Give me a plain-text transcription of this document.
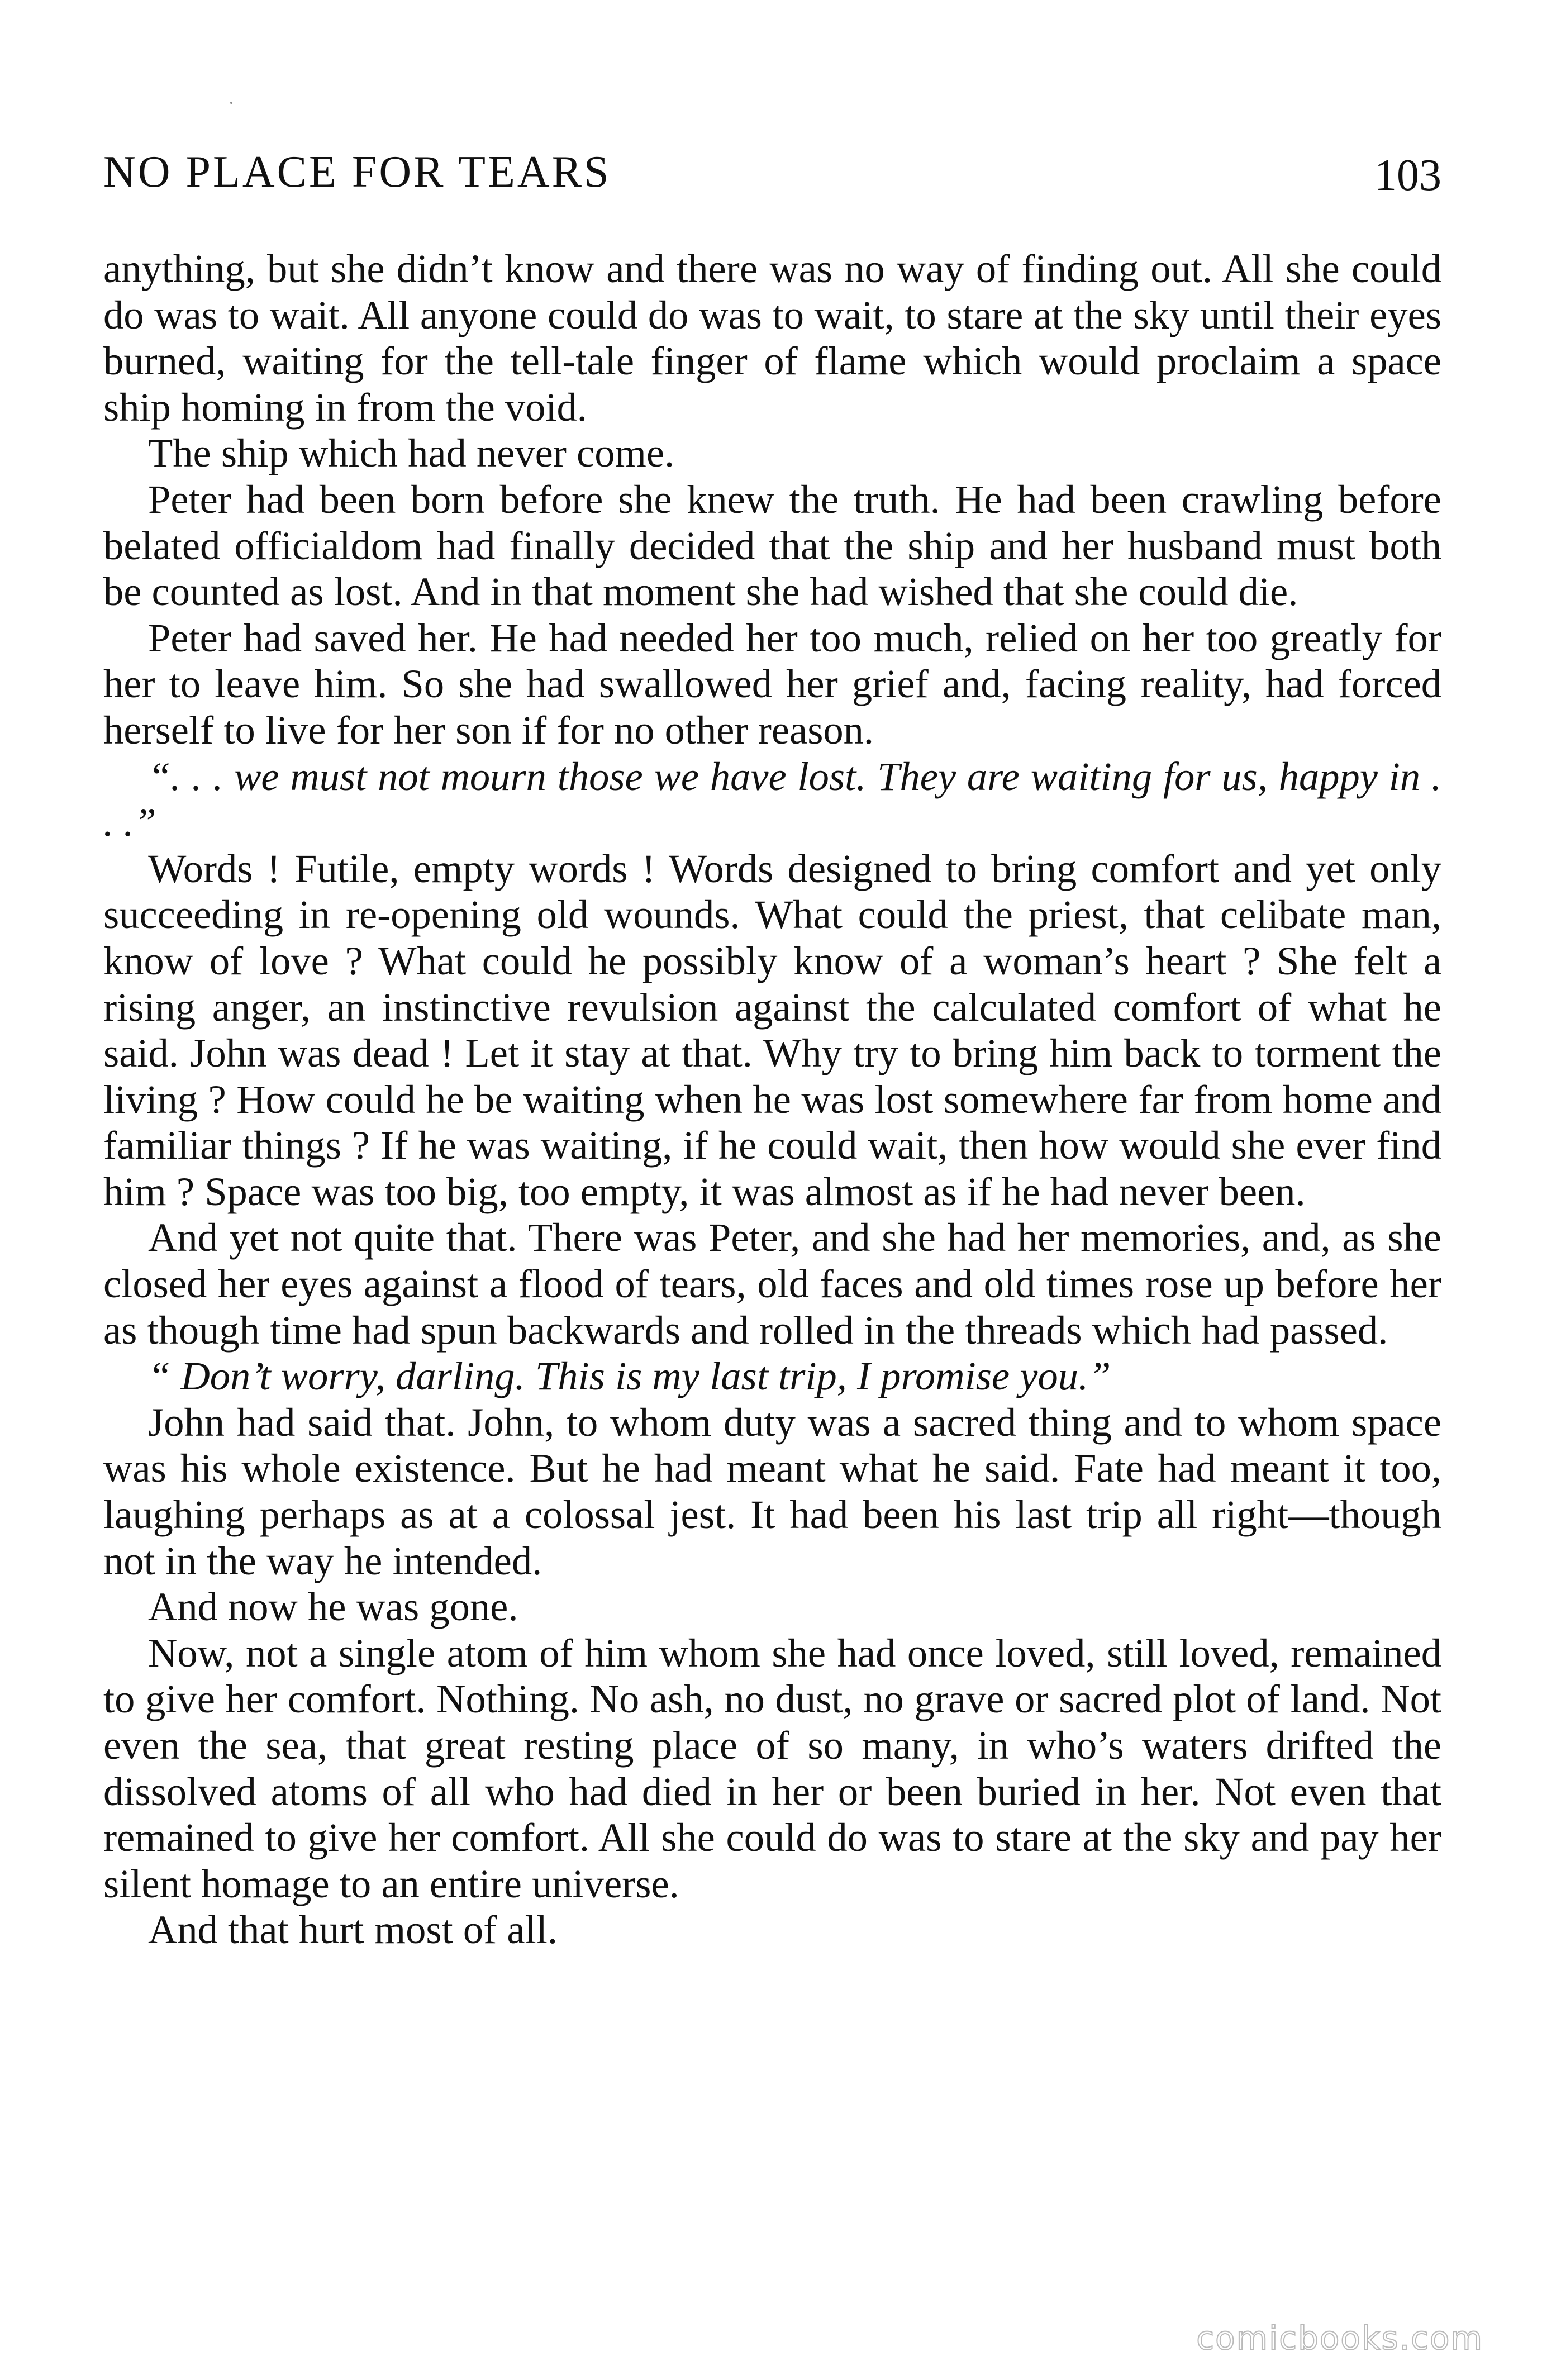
NO PLACE FOR TEARS	103

anything, but she didn’t know and there was no way of finding out. All she could do was to wait. All anyone could do was to wait, to stare at the sky until their eyes burned, waiting for the tell-tale finger of flame which would proclaim a space ship homing in from the void.

The ship which had never come.

Peter had been born before she knew the truth. He had been crawling before belated officialdom had finally decided that the ship and her husband must both be counted as lost. And in that moment she had wished that she could die.

Peter had saved her. He had needed her too much, relied on her too greatly for her to leave him. So she had swallowed her grief and, facing reality, had forced herself to live for her son if for no other reason.

“. . . we must not mourn those we have lost. They are waiting for us, happy in . . .”

Words ! Futile, empty words ! Words designed to bring comfort and yet only succeeding in re-opening old wounds. What could the priest, that celibate man, know of love ? What could he possibly know of a woman’s heart ? She felt a rising anger, an instinctive revulsion against the calculated comfort of what he said. John was dead ! Let it stay at that. Why try to bring him back to torment the living ? How could he be waiting when he was lost somewhere far from home and familiar things ? If he was waiting, if he could wait, then how would she ever find him ? Space was too big, too empty, it was almost as if he had never been.

And yet not quite that. There was Peter, and she had her memories, and, as she closed her eyes against a flood of tears, old faces and old times rose up before her as though time had spun backwards and rolled in the threads which had passed.

“ Don’t worry, darling. This is my last trip, I promise you.”

John had said that. John, to whom duty was a sacred thing and to whom space was his whole existence. But he had meant what he said. Fate had meant it too, laughing perhaps as at a colossal jest. It had been his last trip all right—though not in the way he intended.

And now he was gone.

Now, not a single atom of him whom she had once loved, still loved, remained to give her comfort. Nothing. No ash, no dust, no grave or sacred plot of land. Not even the sea, that great resting place of so many, in who’s waters drifted the dissolved atoms of all who had died in her or been buried in her. Not even that remained to give her comfort. All she could do was to stare at the sky and pay her silent homage to an entire universe.

And that hurt most of all.

comicbooks.com
